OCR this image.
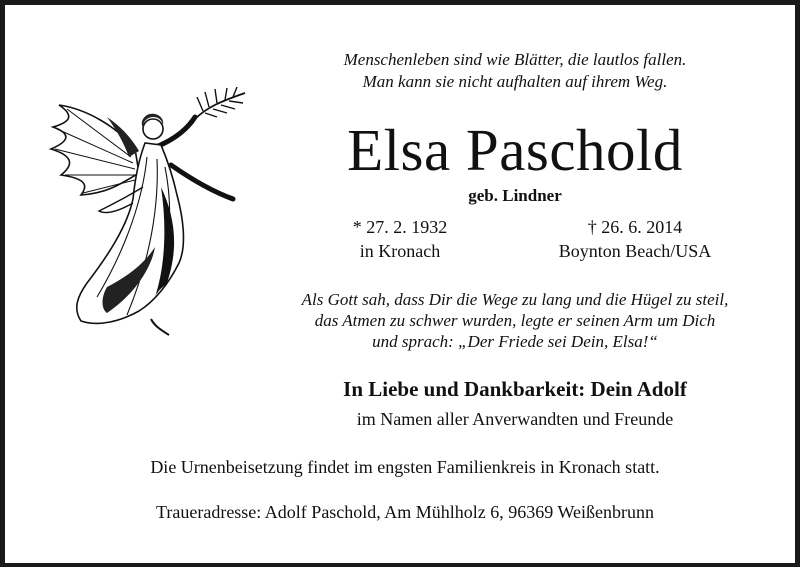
Menschenleben sind wie Blätter, die lautlos fallen.
Man kann sie nicht aufhalten auf ihrem Weg.
Elsa Paschold
geb. Lindner
* 27. 2. 1932
in Kronach
† 26. 6. 2014
Boynton Beach/USA
Als Gott sah, dass Dir die Wege zu lang und die Hügel zu steil,
das Atmen zu schwer wurden, legte er seinen Arm um Dich
und sprach: „Der Friede sei Dein, Elsa!“
In Liebe und Dankbarkeit: Dein Adolf
im Namen aller Anverwandten und Freunde
Die Urnenbeisetzung findet im engsten Familienkreis in Kronach statt.
Traueradresse: Adolf Paschold, Am Mühlholz 6, 96369 Weißenbrunn
